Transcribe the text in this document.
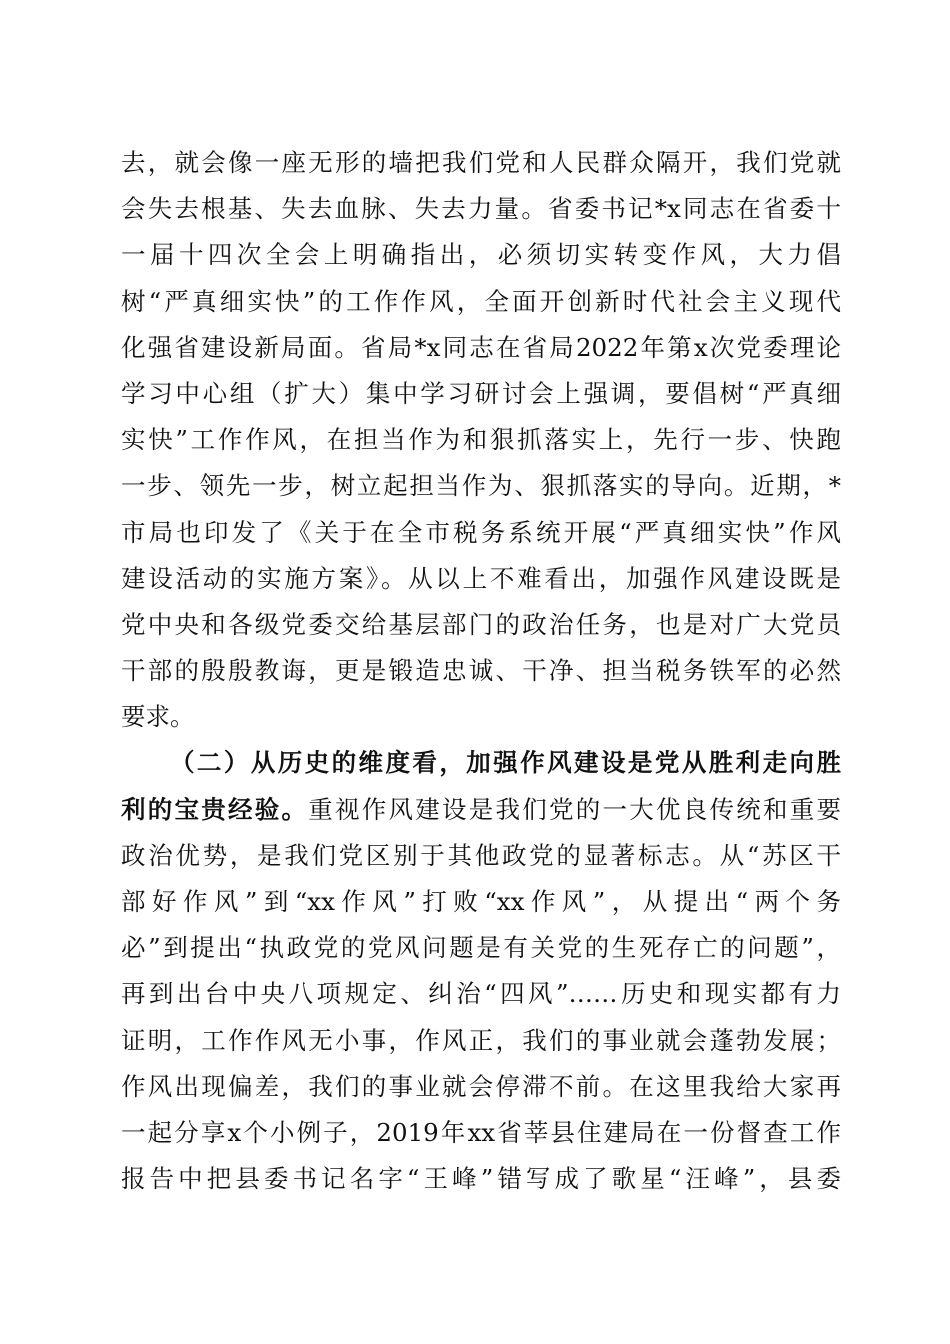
去，就会像一座无形的墙把我们党和人民群众隔开，我们党就
会失去根基、失去血脉、失去力量。省委书记*x同志在省委十
一届十四次全会上明确指出，必须切实转变作风，大力倡
树“严真细实快”的工作作风，全面开创新时代社会主义现代
化强省建设新局面。省局*x同志在省局2022年第x次党委理论
学习中心组（扩大）集中学习研讨会上强调，要倡树“严真细
实快”工作作风，在担当作为和狠抓落实上，先行一步、快跑
一步、领先一步，树立起担当作为、狠抓落实的导向。近期，*
市局也印发了《关于在全市税务系统开展“严真细实快”作风
建设活动的实施方案》。从以上不难看出，加强作风建设既是
党中央和各级党委交给基层部门的政治任务，也是对广大党员
干部的殷殷教诲，更是锻造忠诚、干净、担当税务铁军的必然
要求。
（二）从历史的维度看，加强作风建设是党从胜利走向胜
利的宝贵经验。重视作风建设是我们党的一大优良传统和重要
政治优势，是我们党区别于其他政党的显著标志。从“苏区干
部好作风”到“xx作风”打败“xx作风”，从提出“两个务
必”到提出“执政党的党风问题是有关党的生死存亡的问题”，
再到出台中央八项规定、纠治“四风”……历史和现实都有力
证明，工作作风无小事，作风正，我们的事业就会蓬勃发展；
作风出现偏差，我们的事业就会停滞不前。在这里我给大家再
一起分享x个小例子，2019年xx省莘县住建局在一份督查工作
报告中把县委书记名字“王峰”错写成了歌星“汪峰”，县委
